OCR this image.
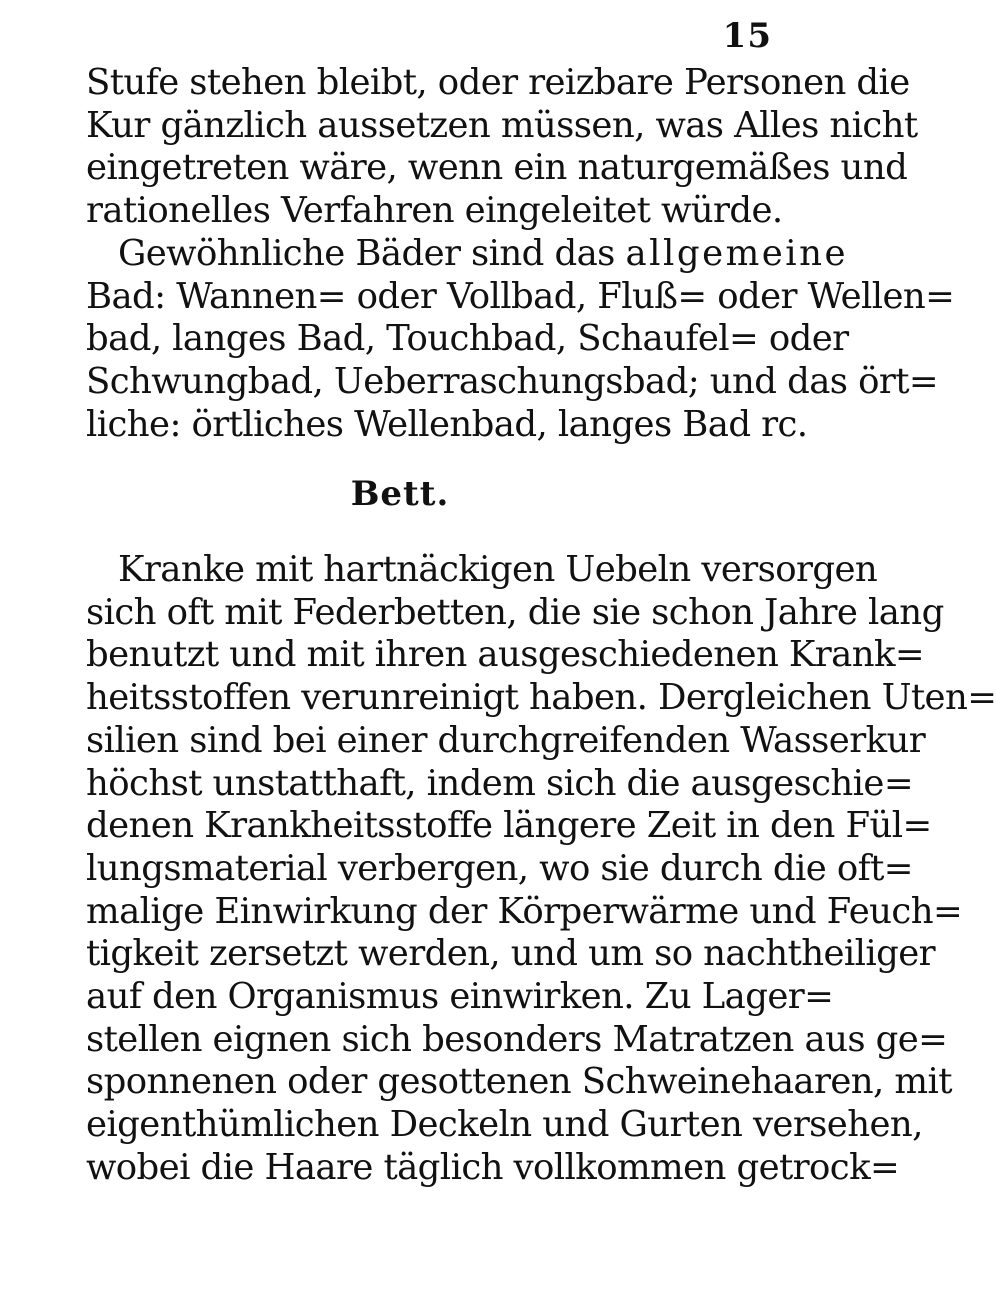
15
Stufe stehen bleibt, oder reizbare Personen die
Kur gänzlich aussetzen müssen, was Alles nicht
eingetreten wäre, wenn ein naturgemäßes und
rationelles Verfahren eingeleitet würde.
Gewöhnliche Bäder sind das allgemeine
Bad: Wannen= oder Vollbad, Fluß= oder Wellen=
bad, langes Bad, Touchbad, Schaufel= oder
Schwungbad, Ueberraschungsbad; und das ört=
liche: örtliches Wellenbad, langes Bad rc.
Bett.
Kranke mit hartnäckigen Uebeln versorgen
sich oft mit Federbetten, die sie schon Jahre lang
benutzt und mit ihren ausgeschiedenen Krank=
heitsstoffen verunreinigt haben. Dergleichen Uten=
silien sind bei einer durchgreifenden Wasserkur
höchst unstatthaft, indem sich die ausgeschie=
denen Krankheitsstoffe längere Zeit in den Fül=
lungsmaterial verbergen, wo sie durch die oft=
malige Einwirkung der Körperwärme und Feuch=
tigkeit zersetzt werden, und um so nachtheiliger
auf den Organismus einwirken. Zu Lager=
stellen eignen sich besonders Matratzen aus ge=
sponnenen oder gesottenen Schweinehaaren, mit
eigenthümlichen Deckeln und Gurten versehen,
wobei die Haare täglich vollkommen getrock=
